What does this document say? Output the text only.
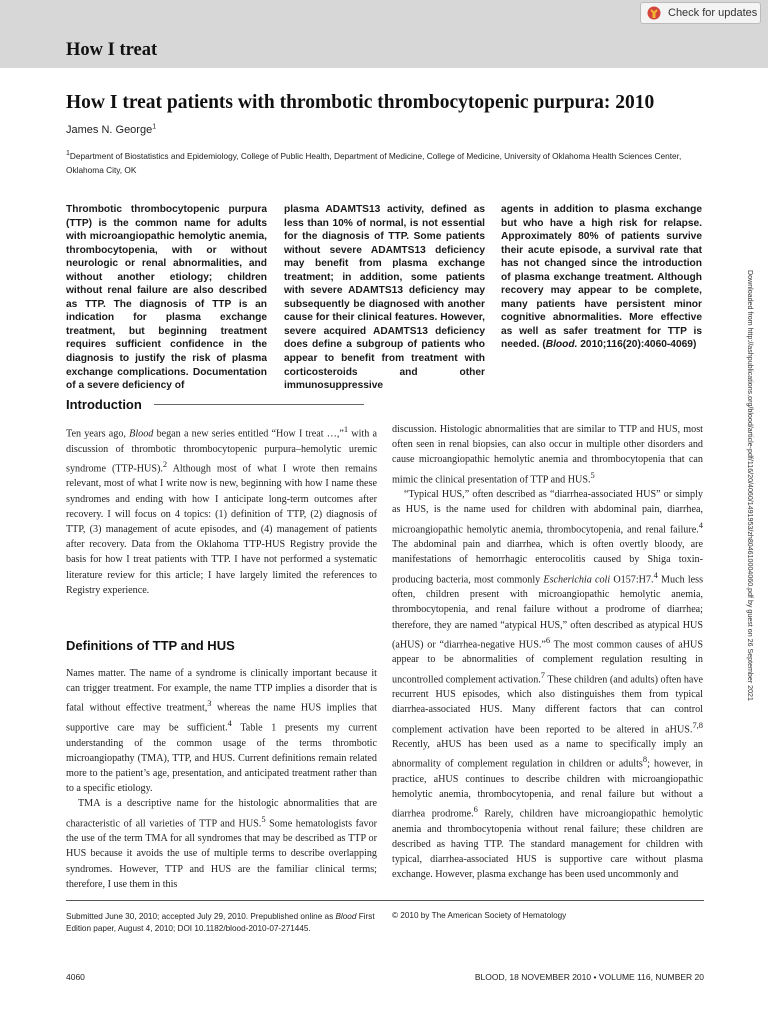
How I treat
Check for updates
How I treat patients with thrombotic thrombocytopenic purpura: 2010
James N. George$^1$
$^1$Department of Biostatistics and Epidemiology, College of Public Health, Department of Medicine, College of Medicine, University of Oklahoma Health Sciences Center, Oklahoma City, OK
Thrombotic thrombocytopenic purpura (TTP) is the common name for adults with microangiopathic hemolytic anemia, thrombocytopenia, with or without neurologic or renal abnormalities, and without another etiology; children without renal failure are also described as TTP. The diagnosis of TTP is an indication for plasma exchange treatment, but beginning treatment requires sufficient confidence in the diagnosis to justify the risk of plasma exchange complications. Documentation of a severe deficiency of
plasma ADAMTS13 activity, defined as less than 10% of normal, is not essential for the diagnosis of TTP. Some patients without severe ADAMTS13 deficiency may benefit from plasma exchange treatment; in addition, some patients with severe ADAMTS13 deficiency may subsequently be diagnosed with another cause for their clinical features. However, severe acquired ADAMTS13 deficiency does define a subgroup of patients who appear to benefit from treatment with corticosteroids and other immunosuppressive
agents in addition to plasma exchange but who have a high risk for relapse. Approximately 80% of patients survive their acute episode, a survival rate that has not changed since the introduction of plasma exchange treatment. Although recovery may appear to be complete, many patients have persistent minor cognitive abnormalities. More effective as well as safer treatment for TTP is needed. (Blood. 2010;116(20):4060-4069)
Introduction

Ten years ago, Blood began a new series entitled “How I treat …,”$^1$ with a discussion of thrombotic thrombocytopenic purpura–hemolytic uremic syndrome (TTP-HUS).$^2$ Although most of what I wrote then remains relevant, most of what I write now is new, beginning with how I name these syndromes and ending with how I anticipate long-term outcomes after recovery. I will focus on 4 topics: (1) definition of TTP, (2) diagnosis of TTP, (3) management of acute episodes, and (4) management of patients after recovery. Data from the Oklahoma TTP-HUS Registry provide the basis for how I treat patients with TTP. I have not performed a systematic literature review for this article; I have largely limited the references to Registry experience.

Definitions of TTP and HUS

Names matter. The name of a syndrome is clinically important because it can trigger treatment. For example, the name TTP implies a disorder that is fatal without effective treatment,$^3$ whereas the name HUS implies that supportive care may be sufficient.$^4$ Table 1 presents my current understanding of the common usage of the terms thrombotic microangiopathy (TMA), TTP, and HUS. Current definitions remain related more to the patient’s age, presentation, and anticipated treatment rather than to a specific etiology.

TMA is a descriptive name for the histologic abnormalities that are characteristic of all varieties of TTP and HUS.$^5$ Some hematologists favor the use of the term TMA for all syndromes that may be described as TTP or HUS because it avoids the use of multiple terms to describe overlapping syndromes. However, TTP and HUS are the familiar clinical terms; therefore, I use them in this

discussion. Histologic abnormalities that are similar to TTP and HUS, most often seen in renal biopsies, can also occur in multiple other disorders and cause microangiopathic hemolytic anemia and thrombocytopenia that can mimic the clinical presentation of TTP and HUS.$^5$

“Typical HUS,” often described as “diarrhea-associated HUS” or simply as HUS, is the name used for children with abdominal pain, diarrhea, microangiopathic hemolytic anemia, thrombocytopenia, and renal failure.$^4$ The abdominal pain and diarrhea, which is often overtly bloody, are manifestations of hemorrhagic enterocolitis caused by Shiga toxin-producing bacteria, most commonly Escherichia coli O157:H7.$^4$ Much less often, children present with microangiopathic hemolytic anemia, thrombocytopenia, and renal failure without a prodrome of diarrhea; therefore, they are named “atypical HUS,” often described as atypical HUS (aHUS) or “diarrhea-negative HUS.”$^6$ The most common causes of aHUS appear to be abnormalities of complement regulation resulting in uncontrolled complement activation.$^7$ These children (and adults) often have recurrent HUS episodes, which also distinguishes them from typical diarrhea-associated HUS. Many different factors that can control complement activation have been reported to be altered in aHUS.$^{7,8}$ Recently, aHUS has been used as a name to specifically imply an abnormality of complement regulation in children or adults$^8$; however, in practice, aHUS continues to describe children with microangiopathic hemolytic anemia, thrombocytopenia, and renal failure but without a diarrhea prodrome.$^6$ Rarely, children have microangiopathic hemolytic anemia and thrombocytopenia without renal failure; these children are described as having TTP. The standard management for children with typical, diarrhea-associated HUS is supportive care without plasma exchange. However, plasma exchange has been used uncommonly and

Submitted June 30, 2010; accepted July 29, 2010. Prepublished online as Blood First Edition paper, August 4, 2010; DOI 10.1182/blood-2010-07-271445.
© 2010 by The American Society of Hematology
4060	BLOOD, 18 NOVEMBER 2010 • VOLUME 116, NUMBER 20
Downloaded from http://ashpublications.org/blood/article-pdf/116/20/4060/1491953/zh804610004060.pdf by guest on 26 September 2021
